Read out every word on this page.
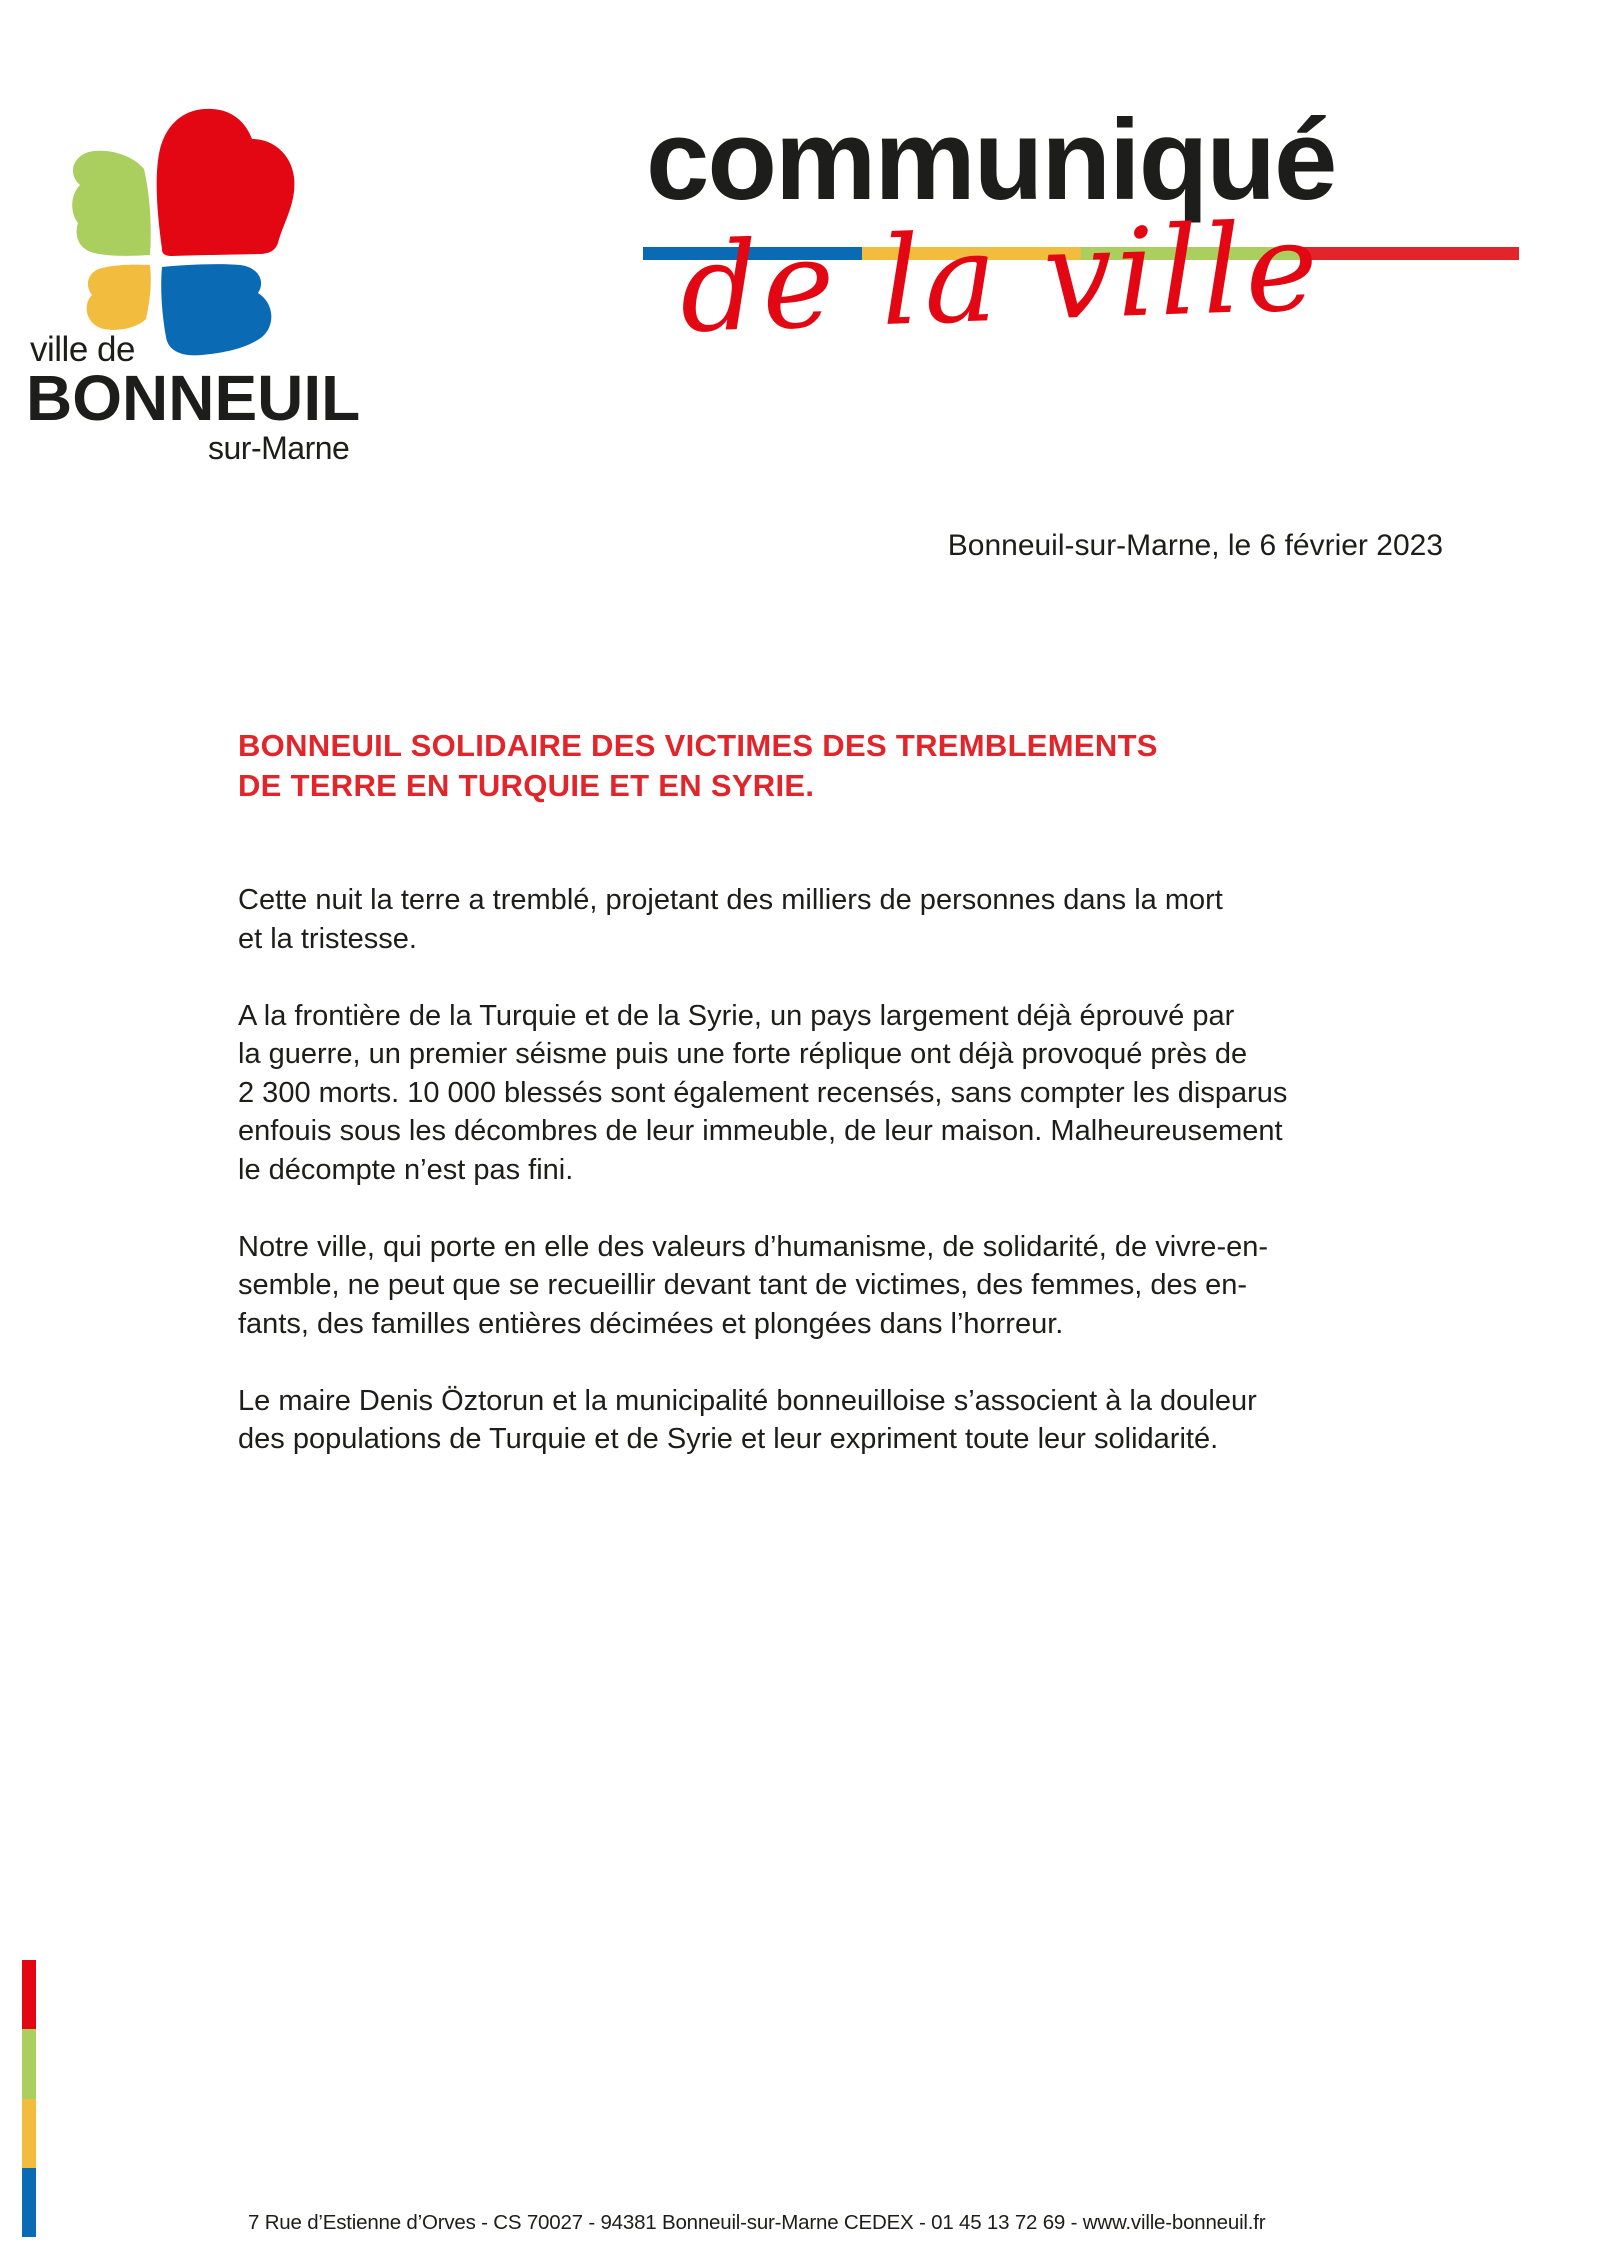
ville de
BONNEUIL
sur-Marne
communiqué
de la ville
Bonneuil-sur-Marne, le 6 février 2023
BONNEUIL SOLIDAIRE DES VICTIMES DES TREMBLEMENTS
DE TERRE EN TURQUIE ET EN SYRIE.
Cette nuit la terre a tremblé, projetant des milliers de personnes dans la mort
et la tristesse.
A la frontière de la Turquie et de la Syrie, un pays largement déjà éprouvé par
la guerre, un premier séisme puis une forte réplique ont déjà provoqué près de
2 300 morts. 10 000 blessés sont également recensés, sans compter les disparus
enfouis sous les décombres de leur immeuble, de leur maison. Malheureusement
le décompte n’est pas fini.
Notre ville, qui porte en elle des valeurs d’humanisme, de solidarité, de vivre-en-
semble, ne peut que se recueillir devant tant de victimes, des femmes, des en-
fants, des familles entières décimées et plongées dans l’horreur.
Le maire Denis Öztorun et la municipalité bonneuilloise s’associent à la douleur
des populations de Turquie et de Syrie et leur expriment toute leur solidarité.
7 Rue d’Estienne d’Orves - CS 70027 - 94381 Bonneuil-sur-Marne CEDEX - 01 45 13 72 69 - www.ville-bonneuil.fr
